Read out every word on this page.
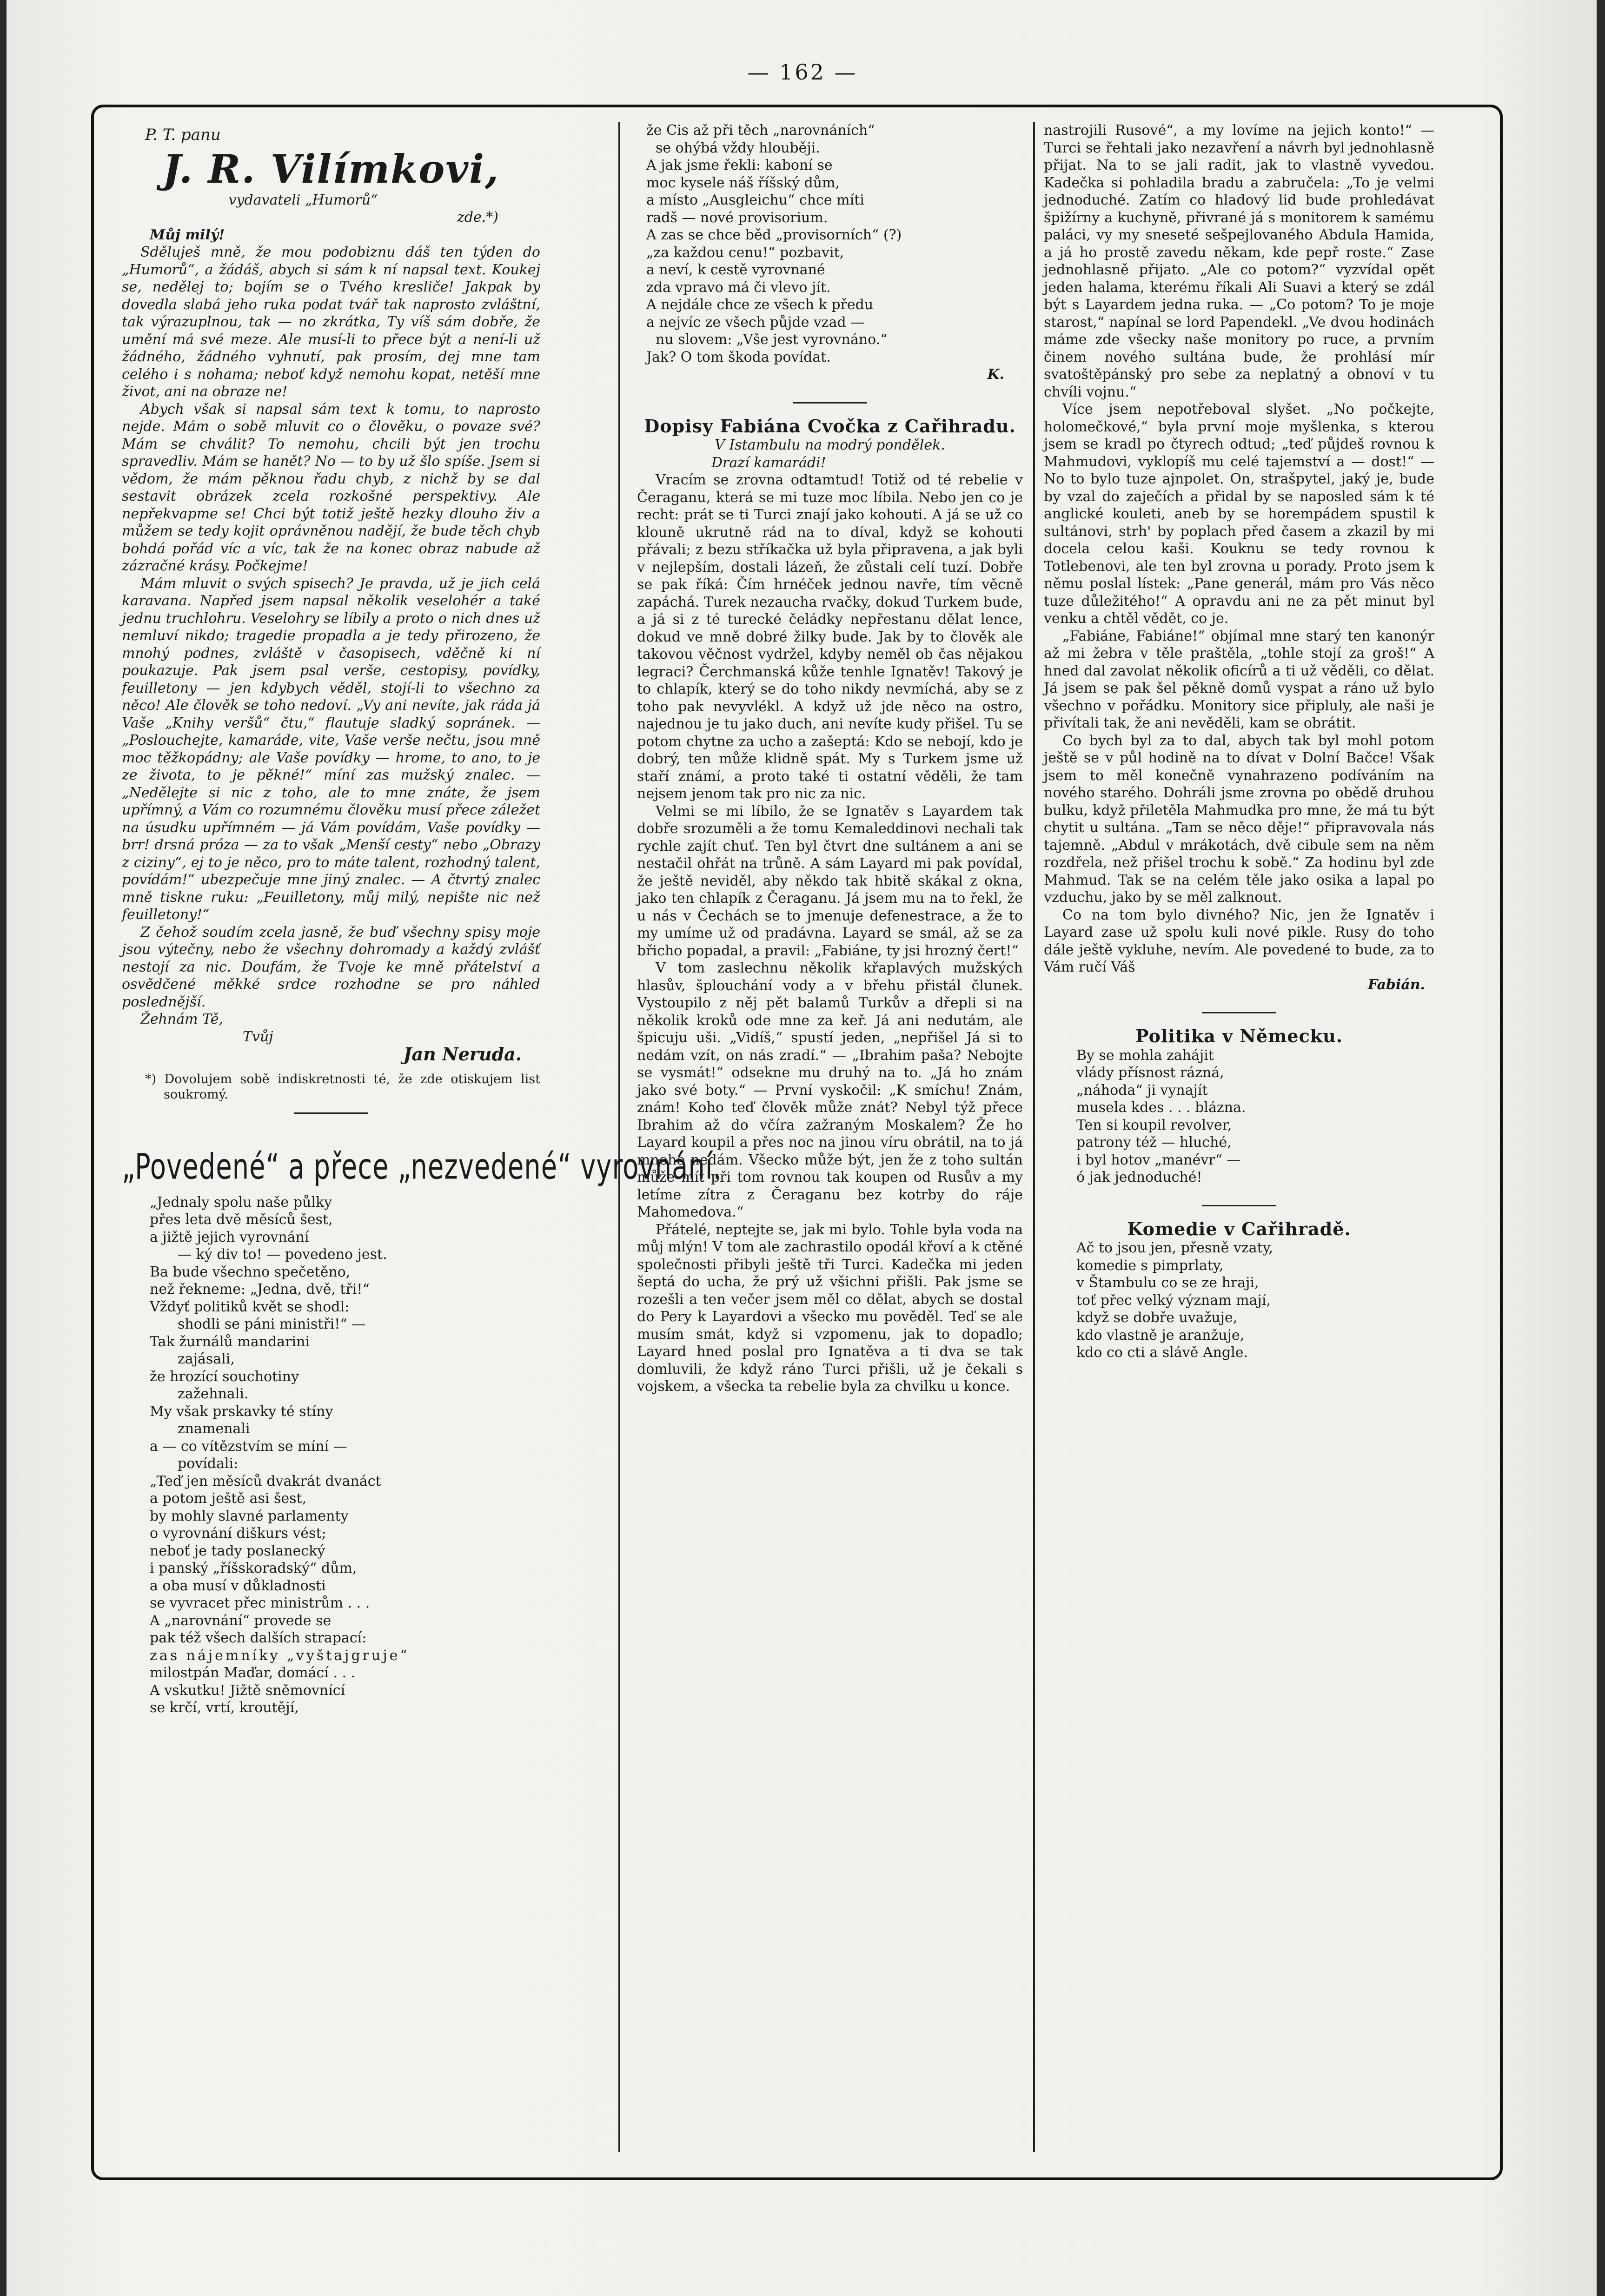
— 162 —
P. T. panu
J. R. Vilímkovi,
vydavateli „Humorů“
zde.*)

Můj milý!

Sděluješ mně, že mou podobiznu dáš ten týden do „Humorů“, a žádáš, abych si sám k ní napsal text. Koukej se, nedělej to; bojím se o Tvého kresliče! Jakpak by dovedla slabá jeho ruka podat tvář tak naprosto zvláštní, tak výrazuplnou, tak — no zkrátka, Ty víš sám dobře, že umění má své meze. Ale musí-li to přece být a není-li už žádného, žádného vyhnutí, pak prosím, dej mne tam celého i s nohama; neboť když nemohu kopat, netěší mne život, ani na obraze ne!

Abych však si napsal sám text k tomu, to naprosto nejde. Mám o sobě mluvit co o člověku, o povaze své? Mám se chválit? To nemohu, chcili být jen trochu spravedliv. Mám se hanět? No — to by už šlo spíše. Jsem si vědom, že mám pěknou řadu chyb, z nichž by se dal sestavit obrázek zcela rozkošné perspektivy. Ale nepřekvapme se! Chci být totiž ještě hezky dlouho živ a můžem se tedy kojit oprávněnou nadějí, že bude těch chyb bohdá pořád víc a víc, tak že na konec obraz nabude až zázračné krásy. Počkejme!

Mám mluvit o svých spisech? Je pravda, už je jich celá karavana. Napřed jsem napsal několik veselohér a také jednu truchlohru. Veselohry se líbily a proto o nich dnes už nemluví nikdo; tragedie propadla a je tedy přirozeno, že mnohý podnes, zvláště v časopisech, vděčně ki ní poukazuje. Pak jsem psal verše, cestopisy, povídky, feuilletony — jen kdybych věděl, stojí-li to všechno za něco! Ale člověk se toho nedoví. „Vy ani nevíte, jak ráda já Vaše „Knihy veršů“ čtu,“ flautuje sladký sopránek. — „Poslouchejte, kamaráde, vite, Vaše verše nečtu, jsou mně moc těžkopádny; ale Vaše povídky — hrome, to ano, to je ze života, to je pěkné!“ míní zas mužský znalec. — „Nedělejte si nic z toho, ale to mne znáte, že jsem upřímný, a Vám co rozumnému člověku musí přece záležet na úsudku upřímném — já Vám povídám, Vaše povídky — brr! drsná próza — za to však „Menší cesty“ nebo „Obrazy z ciziny“, ej to je něco, pro to máte talent, rozhodný talent, povídám!“ ubezpečuje mne jiný znalec. — A čtvrtý znalec mně tiskne ruku: „Feuilletony, můj milý, nepište nic než feuilletony!“

Z čehož soudím zcela jasně, že buď všechny spisy moje jsou výtečny, nebo že všechny dohromady a každý zvlášť nestojí za nic. Doufám, že Tvoje ke mně přátelství a osvědčené měkké srdce rozhodne se pro náhled poslednější.

Žehnám Tě,

Tvůj

Jan Neruda.
*) Dovolujem sobě indiskretnosti té, že zde otiskujem list soukromý.
„Povedené“ a přece „nezvedené“ vyrovnání.
„Jednaly spolu naše půlky
přes leta dvě měsíců šest,
a jižtě jejich vyrovnání
— ký div to! — povedeno jest.
Ba bude všechno spečetěno,
než řekneme: „Jedna, dvě, tři!“
Vždyť politiků květ se shodl:
shodli se páni ministři!“ —
Tak žurnálů mandarini
zajásali,
že hrozící souchotiny
zažehnali.
My však prskavky té stíny
znamenali
a — co vítězstvím se míní —
povídali:
„Teď jen měsíců dvakrát dvanáct
a potom ještě asi šest,
by mohly slavné parlamenty
o vyrovnání diškurs vést;
neboť je tady poslanecký
i panský „říšskoradský“ dům,
a oba musí v důkladnosti
se vyvracet přec ministrům . . .
A „narovnání“ provede se
pak též všech dalších strapací:
zas nájemníky „vyštajgruje“
milostpán Maďar, domácí . . .
A vskutku! Jižtě sněmovnící
se krčí, vrtí, kroutějí,
že Cis až při těch „narovnáních“
se ohýbá vždy hlouběji.
A jak jsme řekli: kaboní se
moc kysele náš říšský dům,
a místo „Ausgleichu“ chce míti
radš — nové provisorium.
A zas se chce běd „provisorních“ (?)
„za každou cenu!“ pozbavit,
a neví, k cestě vyrovnané
zda vpravo má či vlevo jít.
A nejdále chce ze všech k předu
a nejvíc ze všech půjde vzad —
nu slovem: „Vše jest vyrovnáno.“
Jak? O tom škoda povídat.
K.
Dopisy Fabiána Cvočka z Cařihradu.

V Istambulu na modrý pondělek.

Drazí kamarádi!

Vracím se zrovna odtamtud! Totiž od té rebelie v Čeraganu, která se mi tuze moc líbila. Nebo jen co je recht: prát se ti Turci znají jako kohouti. A já se už co klouně ukrutně rád na to díval, když se kohouti přávali; z bezu stříkačka už byla připravena, a jak byli v nejlepším, dostali lázeň, že zůstali celí tuzí. Dobře se pak říká: Čím hrnéček jednou navře, tím věcně zapáchá. Turek nezaucha rvačky, dokud Turkem bude, a já si z té turecké čeládky nepřestanu dělat lence, dokud ve mně dobré žilky bude. Jak by to člověk ale takovou věčnost vydržel, kdyby neměl ob čas nějakou legraci? Čerchmanská kůže tenhle Ignatěv! Takový je to chlapík, který se do toho nikdy nevmíchá, aby se z toho pak nevyvlékl. A když už jde něco na ostro, najednou je tu jako duch, ani nevíte kudy přišel. Tu se potom chytne za ucho a zašeptá: Kdo se nebojí, kdo je dobrý, ten může klidně spát. My s Turkem jsme už staří známí, a proto také ti ostatní věděli, že tam nejsem jenom tak pro nic za nic.

Velmi se mi líbilo, že se Ignatěv s Layardem tak dobře srozuměli a že tomu Kemaleddinovi nechali tak rychle zajít chuť. Ten byl čtvrt dne sultánem a ani se nestačil ohřát na trůně. A sám Layard mi pak povídal, že ještě neviděl, aby někdo tak hbitě skákal z okna, jako ten chlapík z Čeraganu. Já jsem mu na to řekl, že u nás v Čechách se to jmenuje defenestrace, a že to my umíme už od pradávna. Layard se smál, až se za břicho popadal, a pravil: „Fabiáne, ty jsi hrozný čert!“

V tom zaslechnu několik křaplavých mužských hlasův, šplouchání vody a v břehu přistál člunek. Vystoupilo z něj pět balamů Turkův a dřepli si na několik kroků ode mne za keř. Já ani nedutám, ale špicuju uši. „Vidíš,“ spustí jeden, „nepřišel Já si to nedám vzít, on nás zradí.“ — „Ibrahim paša? Nebojte se vysmát!“ odsekne mu druhý na to. „Já ho znám jako své boty.“ — První vyskočil: „K smíchu! Znám, znám! Koho teď člověk může znát? Nebyl týž přece Ibrahim až do včíra zažraným Moskalem? Že ho Layard koupil a přes noc na jinou víru obrátil, na to já mnoho nedám. Všecko může být, jen že z toho sultán může mít při tom rovnou tak koupen od Rusův a my letíme zítra z Čeraganu bez kotrby do ráje Mahomedova.“

Přátelé, neptejte se, jak mi bylo. Tohle byla voda na můj mlýn! V tom ale zachrastilo opodál křoví a k ctěné společnosti přibyli ještě tři Turci. Kadečka mi jeden šeptá do ucha, že prý už všichni přišli. Pak jsme se rozešli a ten večer jsem měl co dělat, abych se dostal do Pery k Layardovi a všecko mu pověděl. Teď se ale musím smát, když si vzpomenu, jak to dopadlo; Layard hned poslal pro Ignatěva a ti dva se tak domluvili, že když ráno Turci přišli, už je čekali s vojskem, a všecka ta rebelie byla za chvilku u konce.

nastrojili Rusové“, a my lovíme na jejich konto!“ — Turci se řehtali jako nezavření a návrh byl jednohlasně přijat. Na to se jali radit, jak to vlastně vyvedou. Kadečka si pohladila bradu a zabručela: „To je velmi jednoduché. Zatím co hladový lid bude prohledávat špižírny a kuchyně, přivrané já s monitorem k samému paláci, vy my sneseté sešpejlovaného Abdula Hamida, a já ho prostě zavedu někam, kde pepř roste.“ Zase jednohlasně přijato. „Ale co potom?“ vyzvídal opět jeden halama, kterému říkali Ali Suavi a který se zdál být s Layardem jedna ruka. — „Co potom? To je moje starost,“ napínal se lord Papendekl. „Ve dvou hodinách máme zde všecky naše monitory po ruce, a prvním činem nového sultána bude, že prohlásí mír svatoštěpánský pro sebe za neplatný a obnoví v tu chvíli vojnu.“

Více jsem nepotřeboval slyšet. „No počkejte, holomečkové,“ byla první moje myšlenka, s kterou jsem se kradl po čtyrech odtud; „teď půjdeš rovnou k Mahmudovi, vyklopíš mu celé tajemství a — dost!“ — No to bylo tuze ajnpolet. On, strašpytel, jaký je, bude by vzal do zaječích a přidal by se naposled sám k té anglické kouleti, aneb by se horempádem spustil k sultánovi, strh' by poplach před časem a zkazil by mi docela celou kaši. Kouknu se tedy rovnou k Totlebenovi, ale ten byl zrovna u porady. Proto jsem k němu poslal lístek: „Pane generál, mám pro Vás něco tuze důležitého!“ A opravdu ani ne za pět minut byl venku a chtěl vědět, co je.

„Fabiáne, Fabiáne!“ objímal mne starý ten kanonýr až mi žebra v těle praštěla, „tohle stojí za groš!“ A hned dal zavolat několik oficírů a ti už věděli, co dělat. Já jsem se pak šel pěkně domů vyspat a ráno už bylo všechno v pořádku. Monitory sice připluly, ale naši je přivítali tak, že ani nevěděli, kam se obrátit.

Co bych byl za to dal, abych tak byl mohl potom ještě se v půl hodině na to dívat v Dolní Bačce! Však jsem to měl konečně vynahrazeno podíváním na nového starého. Dohráli jsme zrovna po obědě druhou bulku, když přiletěla Mahmudka pro mne, že má tu být chytit u sultána. „Tam se něco děje!“ připravovala nás tajemně. „Abdul v mrákotách, dvě cibule sem na něm rozdřela, než přišel trochu k sobě.“ Za hodinu byl zde Mahmud. Tak se na celém těle jako osika a lapal po vzduchu, jako by se měl zalknout.

Co na tom bylo divného? Nic, jen že Ignatěv i Layard zase už spolu kuli nové pikle. Rusy do toho dále ještě vykluhe, nevím. Ale povedené to bude, za to Vám ručí Váš

Fabián.
Politika v Německu.
By se mohla zahájit
vlády přísnost rázná,
„náhoda“ ji vynajít
musela kdes . . . blázna.
Ten si koupil revolver,
patrony též — hluché,
i byl hotov „manévr“ —
ó jak jednoduché!
Komedie v Cařihradě.
Ač to jsou jen, přesně vzaty,
komedie s pimprlaty,
v Štambulu co se ze hraji,
toť přec velký význam mají,
když se dobře uvažuje,
kdo vlastně je aranžuje,
kdo co cti a slávě Angle.
